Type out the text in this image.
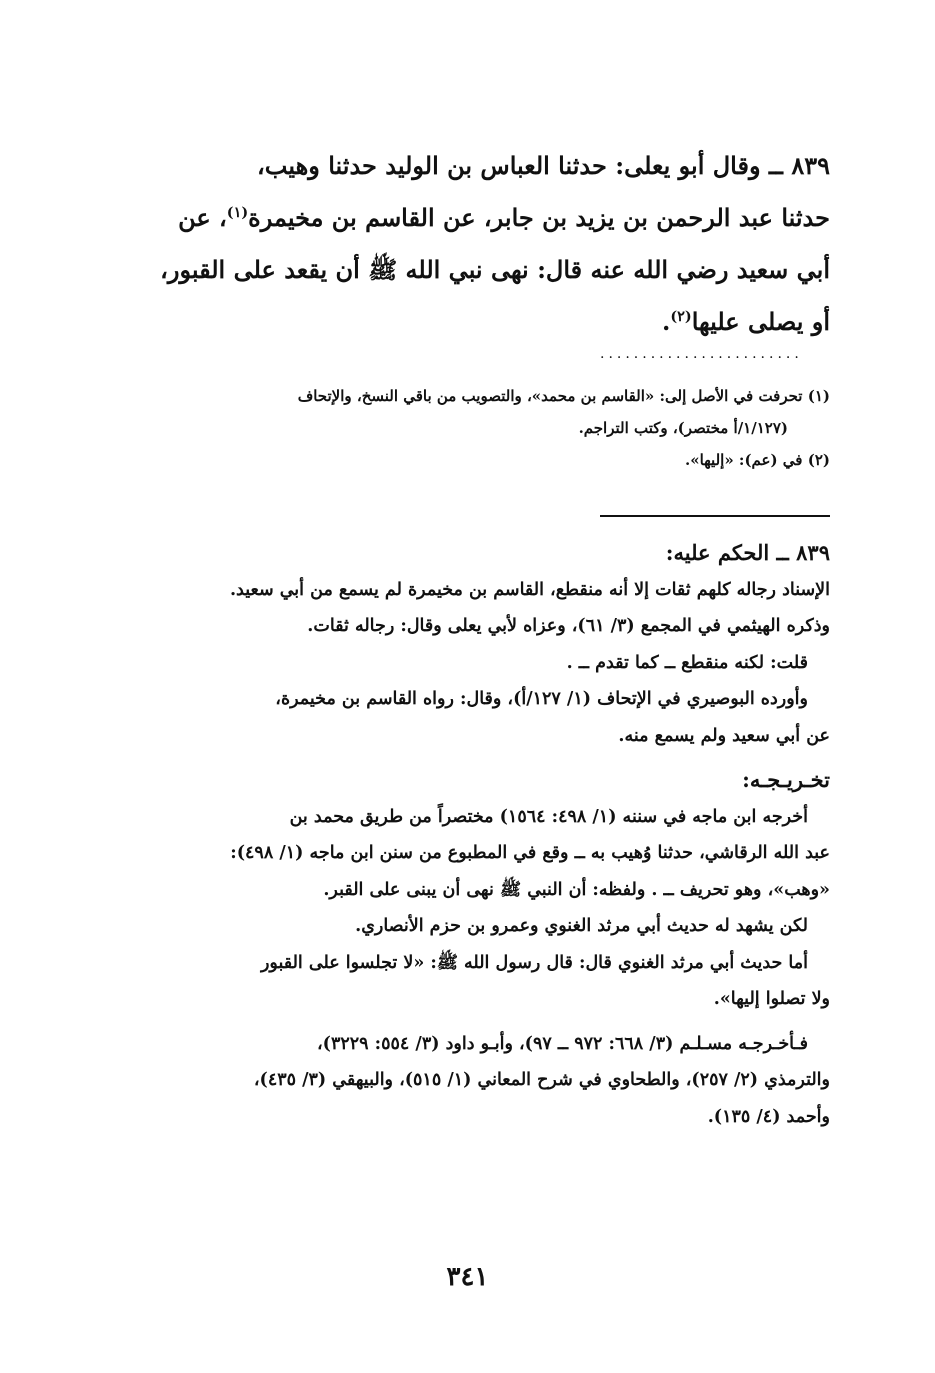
٨٣٩ ــ وقال أبو يعلى: حدثنا العباس بن الوليد حدثنا وهيب،

حدثنا عبد الرحمن بن يزيد بن جابر، عن القاسم بن مخيمرة$^{(١)}$، عن

أبي سعيد رضي الله عنه قال: نهى نبي الله ﷺ أن يقعد على القبور،

أو يصلى عليها$^{(٢)}$.

........................

(١) تحرفت في الأصل إلى: «القاسم بن محمد»، والتصويب من باقي النسخ، والإتحاف

(١/١٢٧/أ مختصر)، وكتب التراجم.

(٢) في (عم): «إليها».

٨٣٩ ــ الحكم عليه:

الإسناد رجاله كلهم ثقات إلا أنه منقطع، القاسم بن مخيمرة لم يسمع من أبي سعيد.

وذكره الهيثمي في المجمع (٣/ ٦١)، وعزاه لأبي يعلى وقال: رجاله ثقات.

قلت: لكنه منقطع ــ كما تقدم ــ .

وأورده البوصيري في الإتحاف (١/ ١٢٧/أ)، وقال: رواه القاسم بن مخيمرة،

عن أبي سعيد ولم يسمع منه.

تخـريـجـه:

أخرجه ابن ماجه في سننه (١/ ٤٩٨: ١٥٦٤) مختصراً من طريق محمد بن

عبد الله الرقاشي، حدثنا وُهيب به ــ وقع في المطبوع من سنن ابن ماجه (١/ ٤٩٨):

«وهب»، وهو تحريف ــ . ولفظه: أن النبي ﷺ نهى أن يبنى على القبر.

لكن يشهد له حديث أبي مرثد الغنوي وعمرو بن حزم الأنصاري.

أما حديث أبي مرثد الغنوي قال: قال رسول الله ﷺ: «لا تجلسوا على القبور

ولا تصلوا إليها».

فـأخـرجـه مسـلـم (٣/ ٦٦٨: ٩٧٢ ــ ٩٧)، وأبـو داود (٣/ ٥٥٤: ٣٢٢٩)،

والترمذي (٢/ ٢٥٧)، والطحاوي في شرح المعاني (١/ ٥١٥)، والبيهقي (٣/ ٤٣٥)،

وأحمد (٤/ ١٣٥).

٣٤١
